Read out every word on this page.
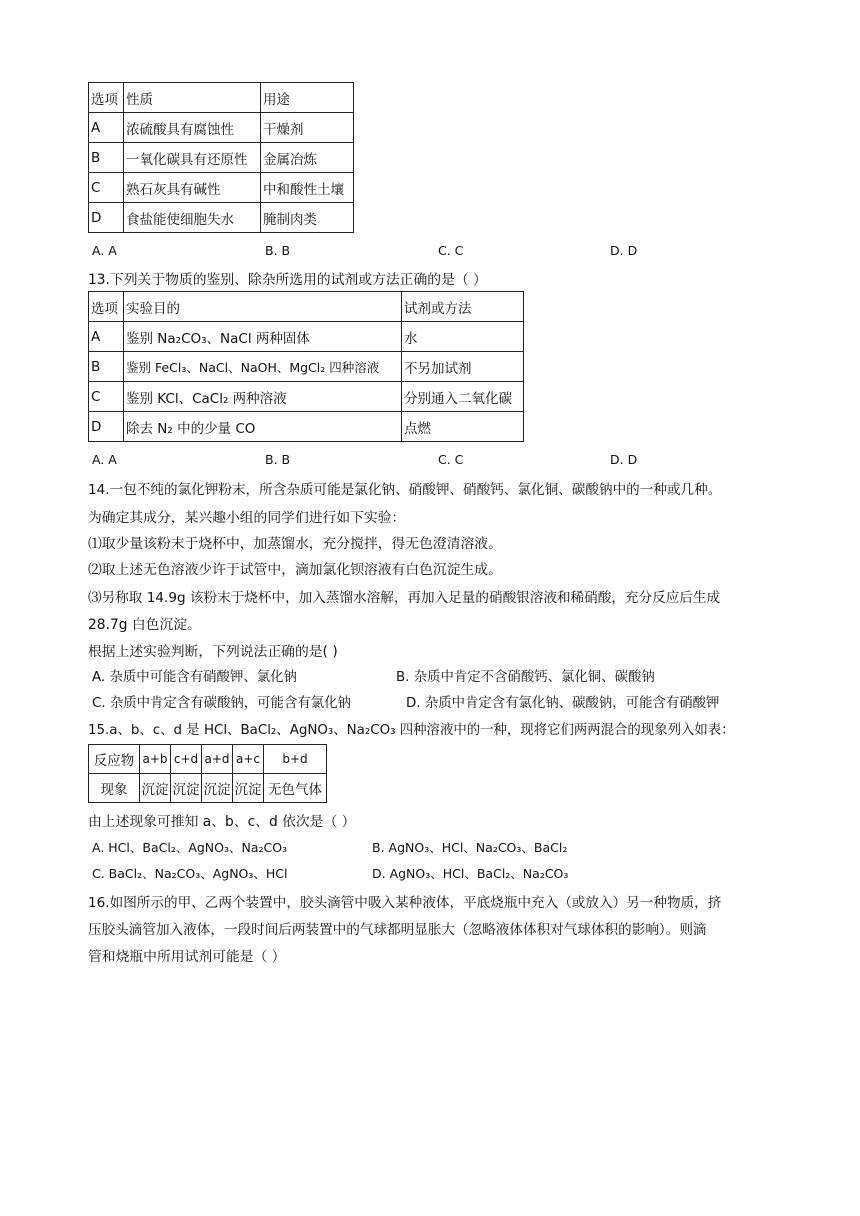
选项	性质	用途
A	浓硫酸具有腐蚀性	干燥剂
B	一氧化碳具有还原性	金属冶炼
C	熟石灰具有碱性	中和酸性土壤
D	食盐能使细胞失水	腌制肉类
A. A	B. B	C. C	D. D
13.下列关于物质的鉴别、除杂所选用的试剂或方法正确的是（ ）
选项	实验目的	试剂或方法
A	鉴别 Na₂CO₃、NaCl 两种固体	水
B	鉴别 FeCl₃、NaCl、NaOH、MgCl₂ 四种溶液	不另加试剂
C	鉴别 KCl、CaCl₂ 两种溶液	分别通入二氧化碳
D	除去 N₂ 中的少量 CO	点燃
A. A	B. B	C. C	D. D
14.一包不纯的氯化钾粉末，所含杂质可能是氯化钠、硝酸钾、硝酸钙、氯化铜、碳酸钠中的一种或几种。
为确定其成分，某兴趣小组的同学们进行如下实验：
⑴取少量该粉末于烧杯中，加蒸馏水，充分搅拌，得无色澄清溶液。
⑵取上述无色溶液少许于试管中，滴加氯化钡溶液有白色沉淀生成。
⑶另称取 14.9g 该粉末于烧杯中，加入蒸馏水溶解，再加入足量的硝酸银溶液和稀硝酸，充分反应后生成
28.7g 白色沉淀。
根据上述实验判断，下列说法正确的是( )
A. 杂质中可能含有硝酸钾、氯化钠	B. 杂质中肯定不含硝酸钙、氯化铜、碳酸钠
C. 杂质中肯定含有碳酸钠，可能含有氯化钠	D. 杂质中肯定含有氯化钠、碳酸钠，可能含有硝酸钾
15.a、b、c、d 是 HCl、BaCl₂、AgNO₃、Na₂CO₃ 四种溶液中的一种，现将它们两两混合的现象列入如表：
反应物	a+b	c+d	a+d	a+c	b+d
现象	沉淀	沉淀	沉淀	沉淀	无色气体
由上述现象可推知 a、b、c、d 依次是（ ）
A. HCl、BaCl₂、AgNO₃、Na₂CO₃	B. AgNO₃、HCl、Na₂CO₃、BaCl₂
C. BaCl₂、Na₂CO₃、AgNO₃、HCl	D. AgNO₃、HCl、BaCl₂、Na₂CO₃
16.如图所示的甲、乙两个装置中，胶头滴管中吸入某种液体，平底烧瓶中充入（或放入）另一种物质，挤
压胶头滴管加入液体，一段时间后两装置中的气球都明显胀大（忽略液体体积对气球体积的影响）。则滴
管和烧瓶中所用试剂可能是（ ）
